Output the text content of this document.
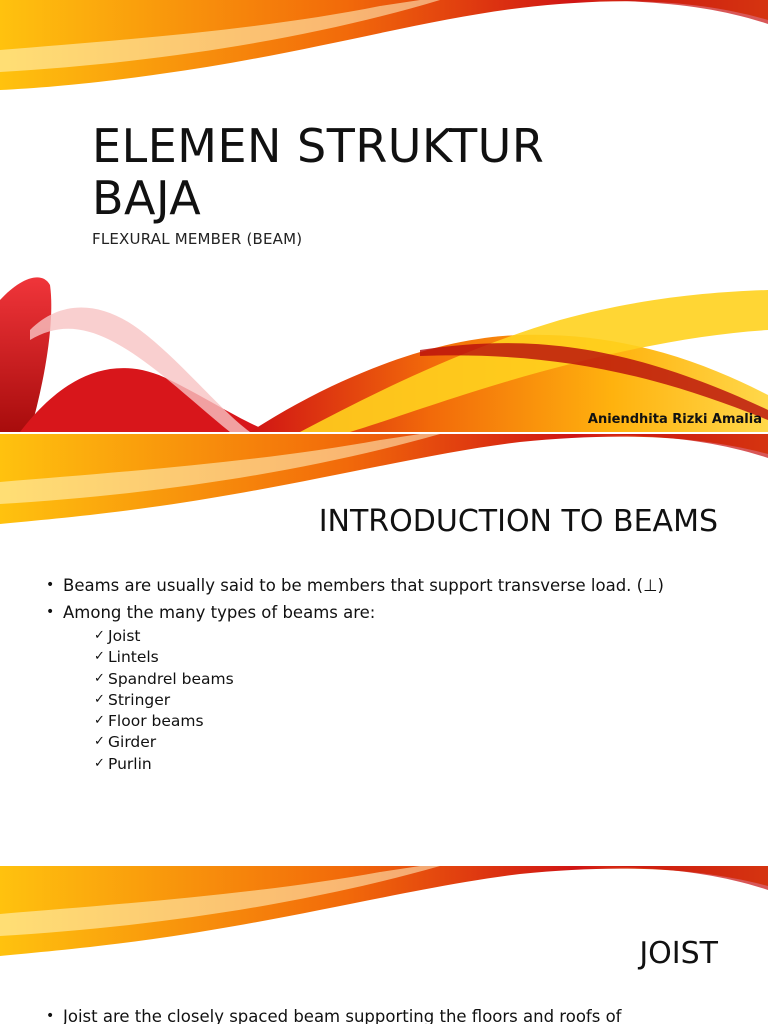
ELEMEN STRUKTUR BAJA
FLEXURAL MEMBER (BEAM)
Aniendhita Rizki Amalia
INTRODUCTION TO BEAMS
• Beams are usually said to be members that support transverse load. (⊥)
• Among the many types of beams are:
✓ Joist
✓ Lintels
✓ Spandrel beams
✓ Stringer
✓ Floor beams
✓ Girder
✓ Purlin
JOIST
• Joist are the closely spaced beam supporting the floors and roofs of
